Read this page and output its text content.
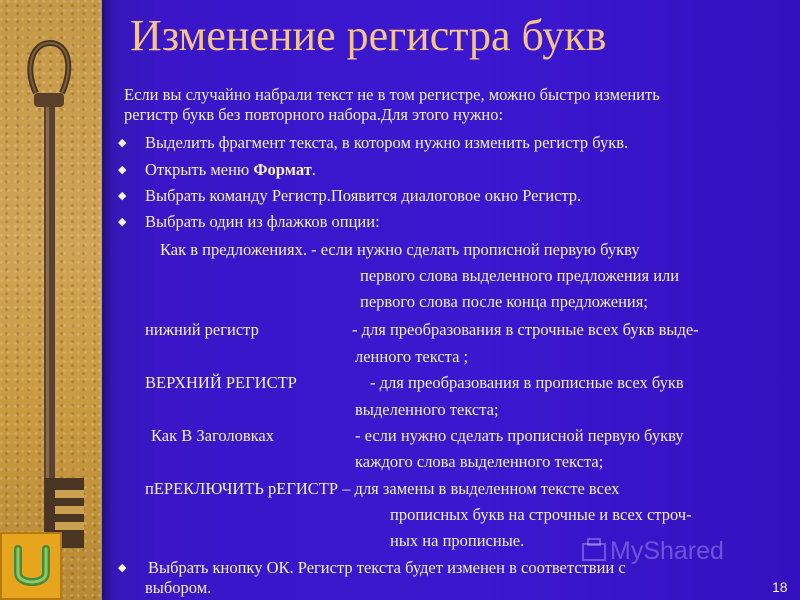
Изменение регистра букв
Если вы случайно набрали текст не в том регистре, можно быстро изменить
регистр букв без повторного набора.Для этого нужно:
◆ Выделить фрагмент текста, в котором нужно изменить регистр букв.
◆ Открыть меню Формат.
◆ Выбрать команду Регистр.Появится диалоговое окно Регистр.
◆ Выбрать один из флажков опции:
Как в предложениях. - если нужно сделать прописной первую букву
первого слова выделенного предложения или
первого слова после конца предложения;
нижний регистр	- для преобразования в строчные всех букв выде-
ленного текста ;
ВЕРХНИЙ РЕГИСТР	- для преобразования в прописные всех букв
выделенного текста;
Как В Заголовках	- если нужно сделать прописной первую букву
каждого слова выделенного текста;
пЕРЕКЛЮЧИТЬ рЕГИСТР – для замены в выделенном тексте всех
прописных букв на строчные и всех строч-
ных на прописные.
◆ Выбрать кнопку ОК. Регистр текста будет изменен в соответствии с
выбором.
MyShared
18
